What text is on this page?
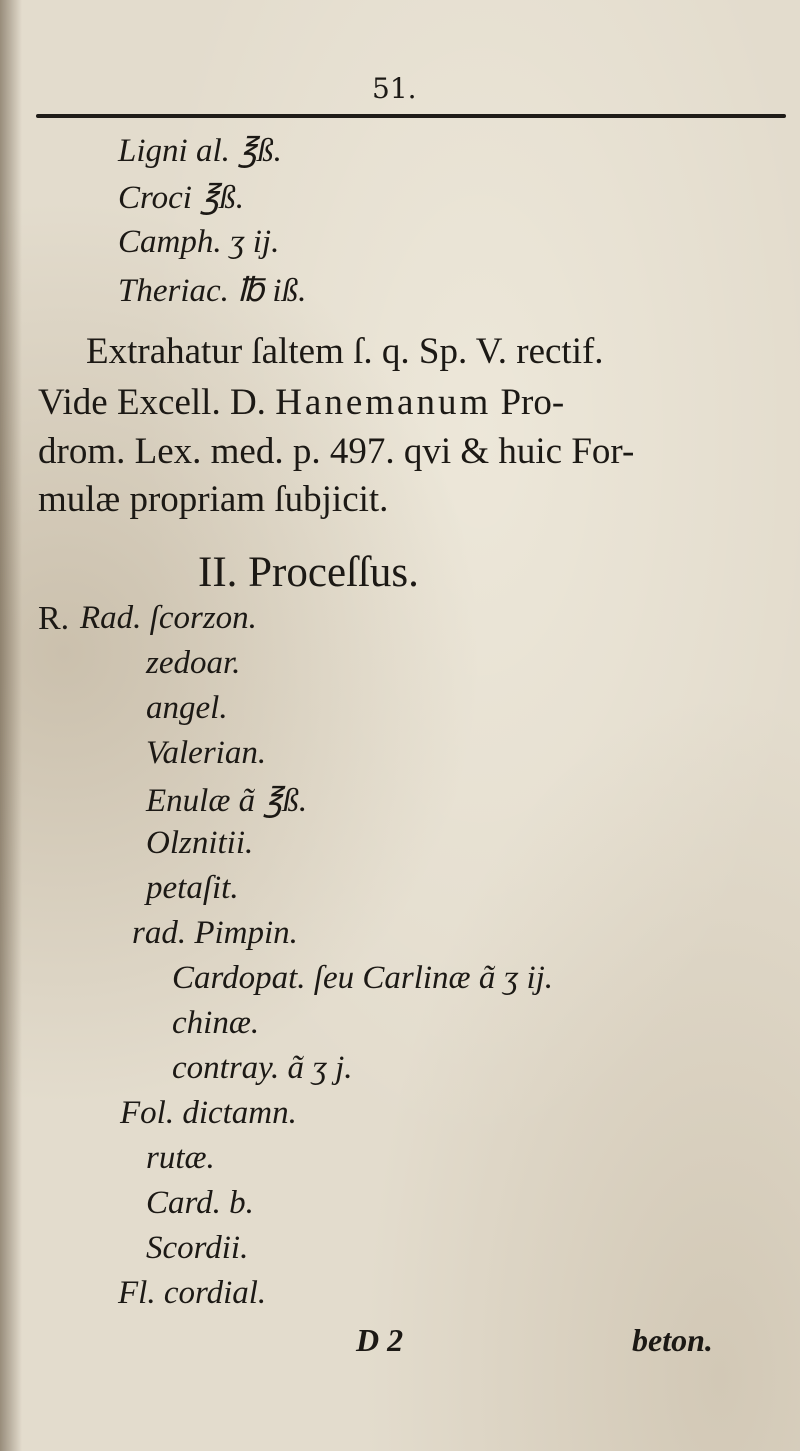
51.
Ligni al. ℥ß.
Croci ℥ß.
Camph. ʒ ij.
Theriac. ℔ iß.
Extrahatur ſaltem ſ. q. Sp. V. rectif.
Vide Excell. D. Hanemanum Pro-
drom. Lex. med. p. 497. qvi & huic For-
mulæ propriam ſubjicit.
II. Proceſſus.
R. Rad. ſcorzon.
zedoar.
angel.
Valerian.
Enulæ ã ℥ß.
Olznitii.
petaſit.
rad. Pimpin.
Cardopat. ſeu Carlinæ ã ʒ ij.
chinæ.
contray. ã ʒ j.
Fol. dictamn.
rutæ.
Card. b.
Scordii.
Fl. cordial.
D 2	beton.
